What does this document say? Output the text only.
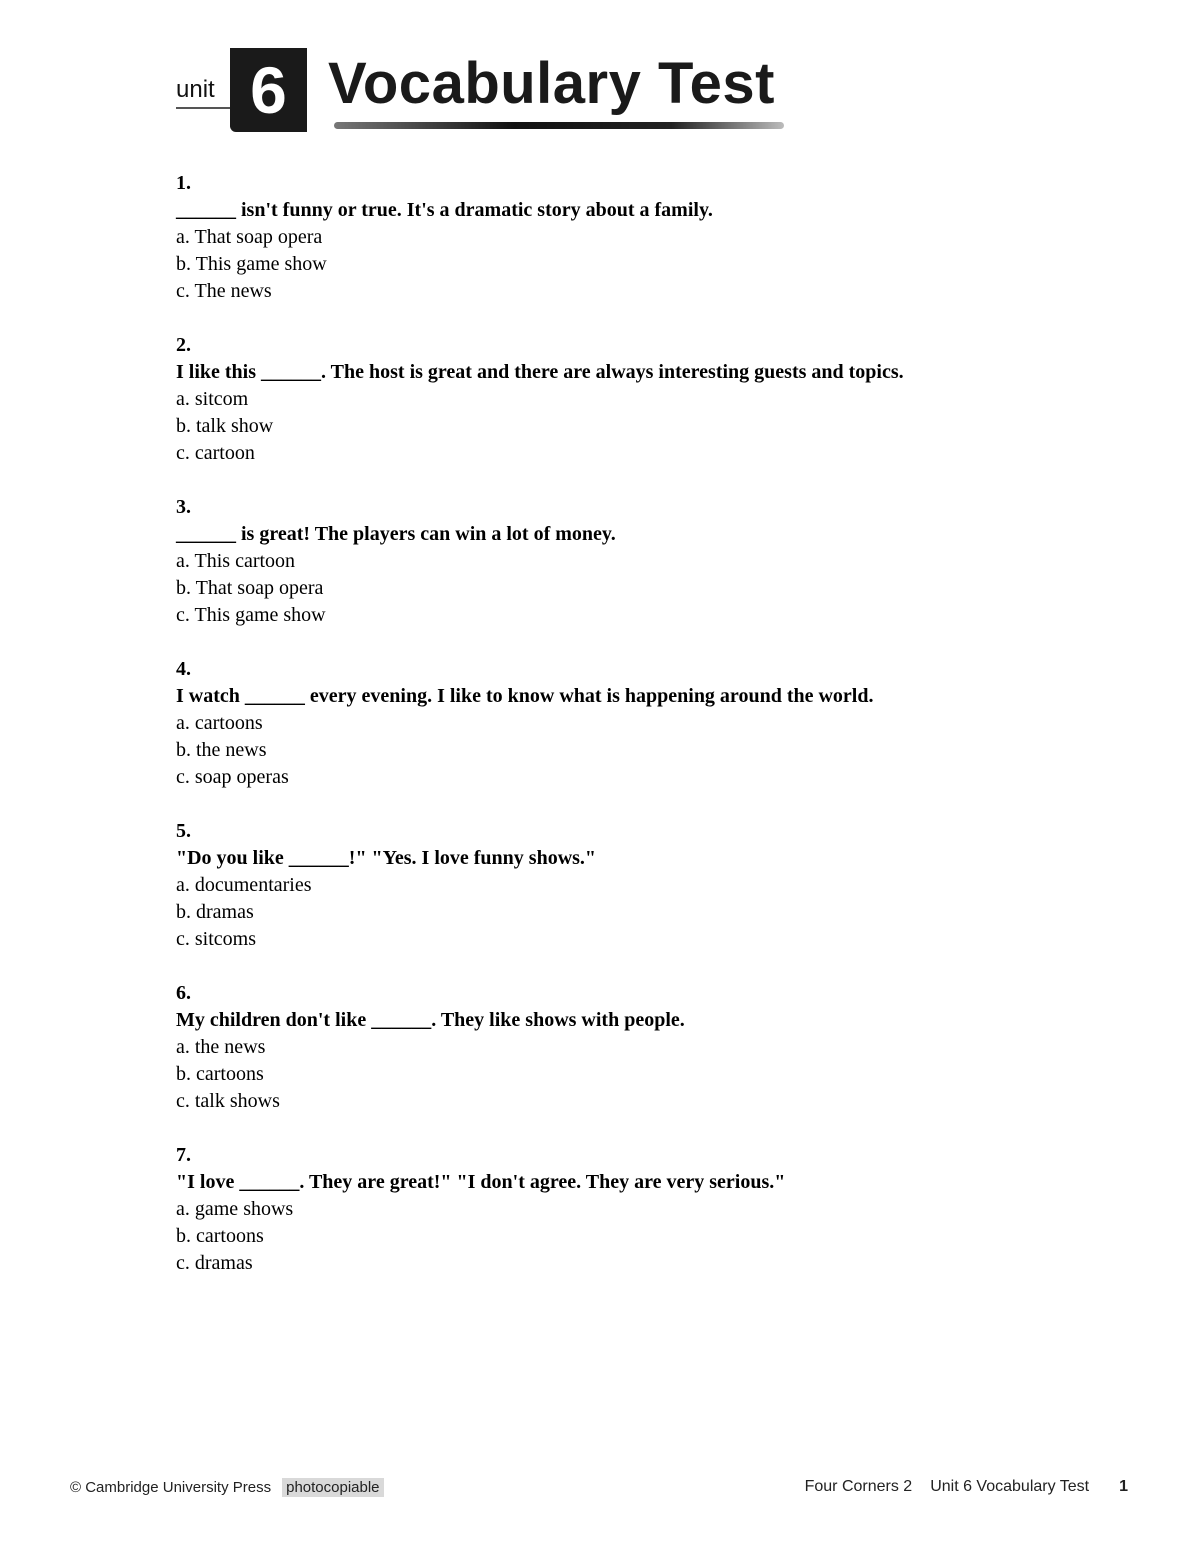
unit 6 Vocabulary Test
1.
______ isn't funny or true. It's a dramatic story about a family.
a. That soap opera
b. This game show
c. The news
2.
I like this ______. The host is great and there are always interesting guests and topics.
a. sitcom
b. talk show
c. cartoon
3.
______ is great! The players can win a lot of money.
a. This cartoon
b. That soap opera
c. This game show
4.
I watch ______ every evening. I like to know what is happening around the world.
a. cartoons
b. the news
c. soap operas
5.
"Do you like ______!" "Yes. I love funny shows."
a. documentaries
b. dramas
c. sitcoms
6.
My children don't like ______. They like shows with people.
a. the news
b. cartoons
c. talk shows
7.
"I love ______. They are great!" "I don't agree. They are very serious."
a. game shows
b. cartoons
c. dramas
© Cambridge University Press photocopiable	Four Corners 2 Unit 6 Vocabulary Test 1
